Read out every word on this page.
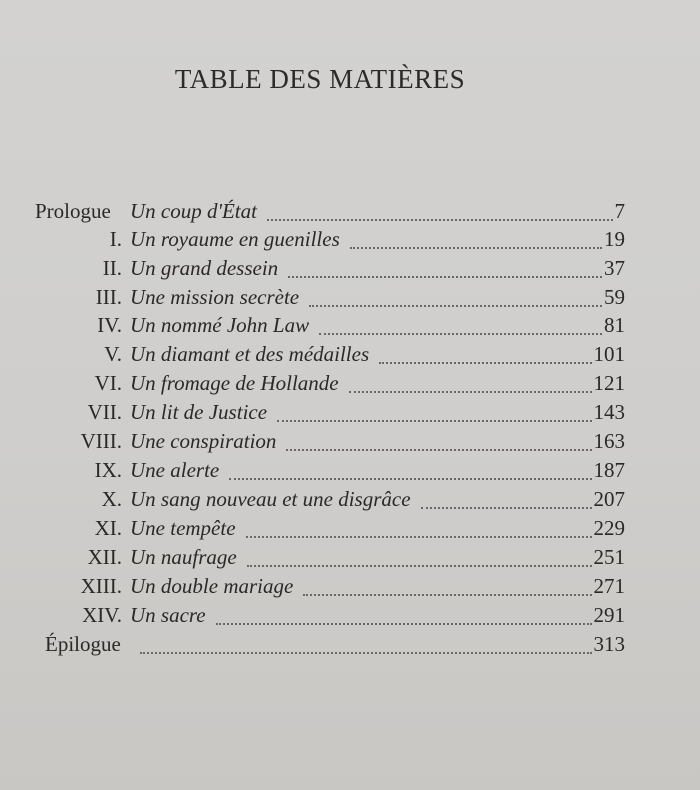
TABLE DES MATIÈRES
Prologue Un coup d'État	7
I. Un royaume en guenilles	19
II. Un grand dessein	37
III. Une mission secrète	59
IV. Un nommé John Law	81
V. Un diamant et des médailles	101
VI. Un fromage de Hollande	121
VII. Un lit de Justice	143
VIII. Une conspiration	163
IX. Une alerte	187
X. Un sang nouveau et une disgrâce	207
XI. Une tempête	229
XII. Un naufrage	251
XIII. Un double mariage	271
XIV. Un sacre	291
Épilogue	313
